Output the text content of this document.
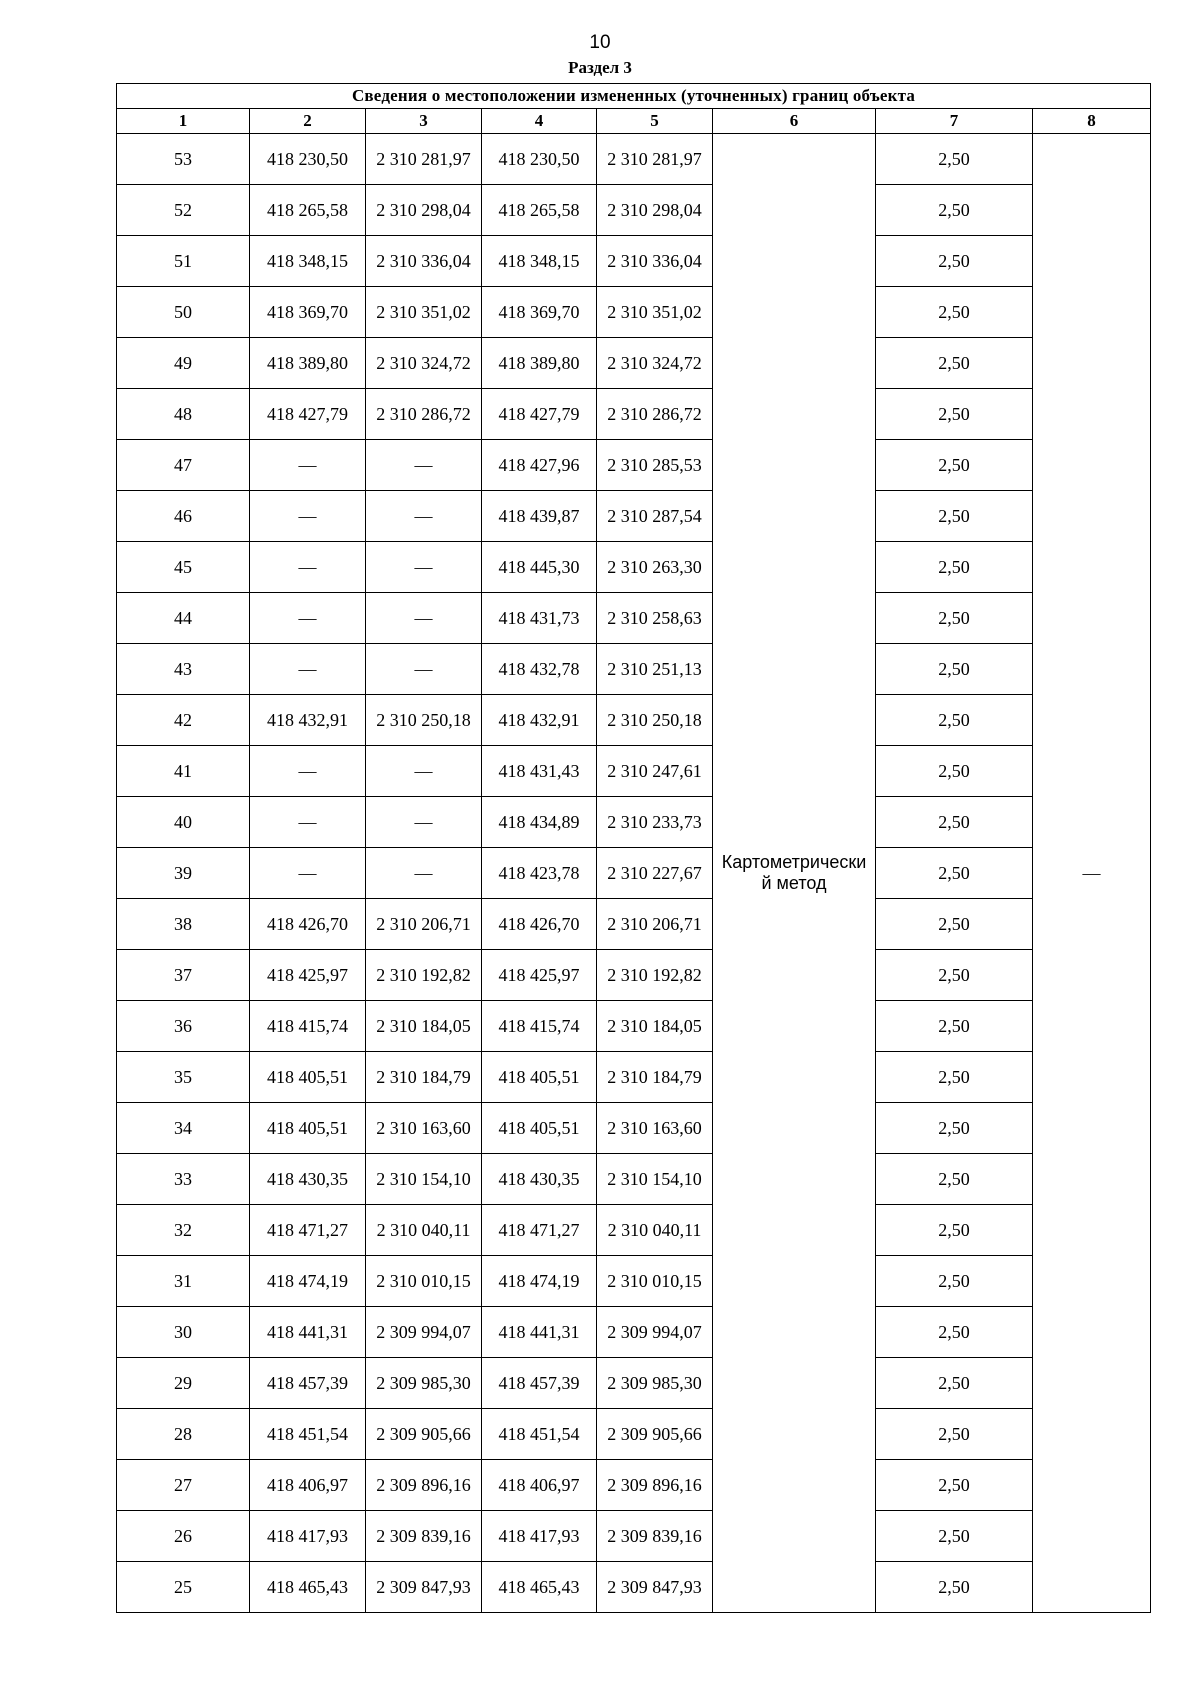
10
Раздел 3
Сведения о местоположении измененных (уточненных) границ объекта							
1	2	3	4	5	6	7	8
53	418 230,50	2 310 281,97	418 230,50	2 310 281,97	Картометрический метод	2,50	—
52	418 265,58	2 310 298,04	418 265,58	2 310 298,04		2,50	
51	418 348,15	2 310 336,04	418 348,15	2 310 336,04		2,50	
50	418 369,70	2 310 351,02	418 369,70	2 310 351,02		2,50	
49	418 389,80	2 310 324,72	418 389,80	2 310 324,72		2,50	
48	418 427,79	2 310 286,72	418 427,79	2 310 286,72		2,50	
47	—	—	418 427,96	2 310 285,53		2,50	
46	—	—	418 439,87	2 310 287,54		2,50	
45	—	—	418 445,30	2 310 263,30		2,50	
44	—	—	418 431,73	2 310 258,63		2,50	
43	—	—	418 432,78	2 310 251,13		2,50	
42	418 432,91	2 310 250,18	418 432,91	2 310 250,18		2,50	
41	—	—	418 431,43	2 310 247,61		2,50	
40	—	—	418 434,89	2 310 233,73		2,50	
39	—	—	418 423,78	2 310 227,67		2,50	
38	418 426,70	2 310 206,71	418 426,70	2 310 206,71		2,50	
37	418 425,97	2 310 192,82	418 425,97	2 310 192,82		2,50	
36	418 415,74	2 310 184,05	418 415,74	2 310 184,05		2,50	
35	418 405,51	2 310 184,79	418 405,51	2 310 184,79		2,50	
34	418 405,51	2 310 163,60	418 405,51	2 310 163,60		2,50	
33	418 430,35	2 310 154,10	418 430,35	2 310 154,10		2,50	
32	418 471,27	2 310 040,11	418 471,27	2 310 040,11		2,50	
31	418 474,19	2 310 010,15	418 474,19	2 310 010,15		2,50	
30	418 441,31	2 309 994,07	418 441,31	2 309 994,07		2,50	
29	418 457,39	2 309 985,30	418 457,39	2 309 985,30		2,50	
28	418 451,54	2 309 905,66	418 451,54	2 309 905,66		2,50	
27	418 406,97	2 309 896,16	418 406,97	2 309 896,16		2,50	
26	418 417,93	2 309 839,16	418 417,93	2 309 839,16		2,50	
25	418 465,43	2 309 847,93	418 465,43	2 309 847,93		2,50	
